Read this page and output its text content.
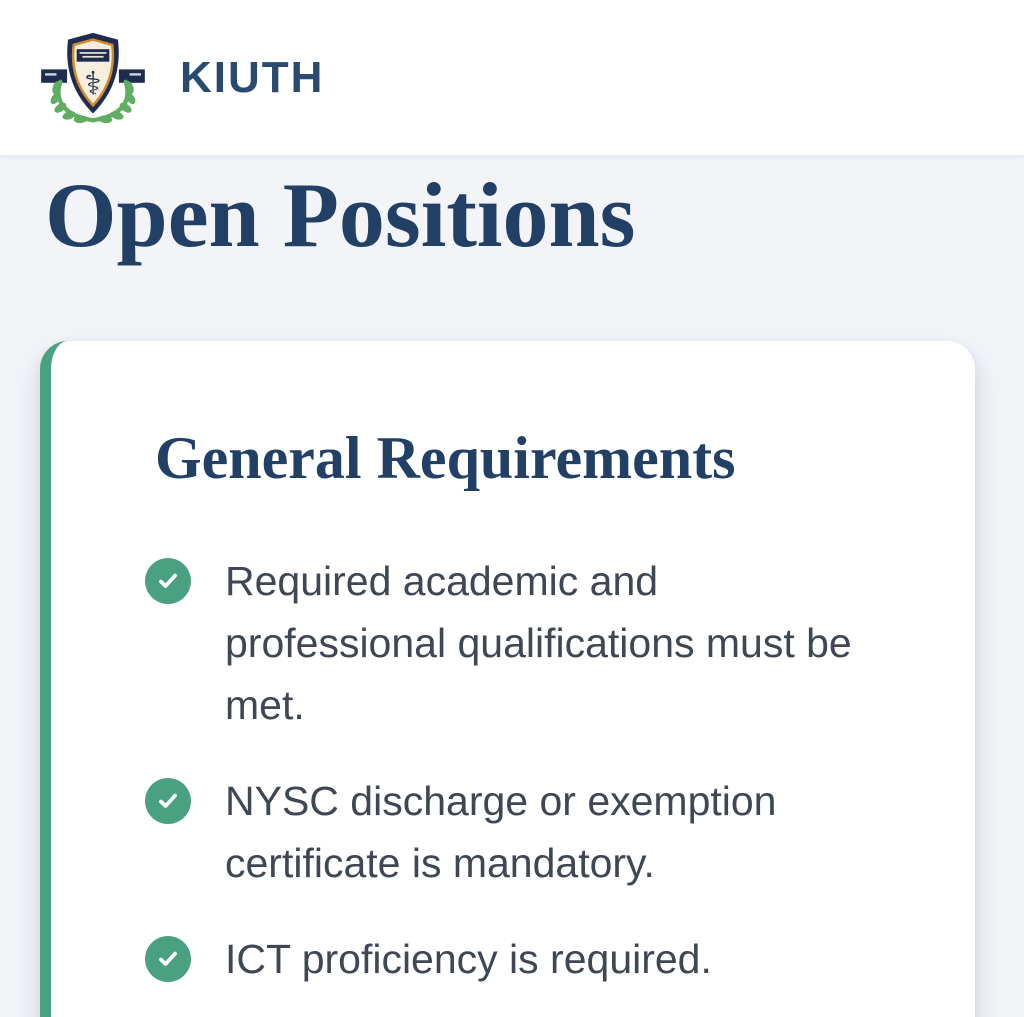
⚕ KIUTH
Open Positions
General Requirements
Required academic and professional qualifications must be met.
NYSC discharge or exemption certificate is mandatory.
ICT proficiency is required.
